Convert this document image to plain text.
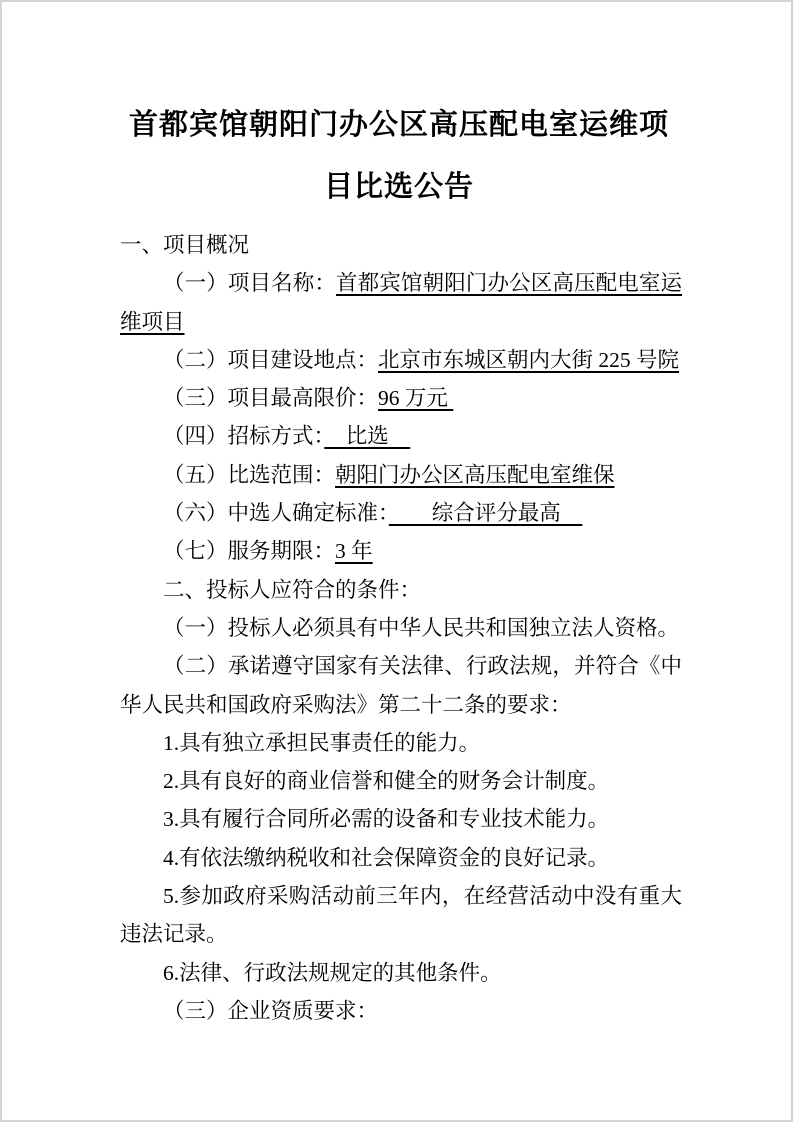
首都宾馆朝阳门办公区高压配电室运维项
目比选公告

一、项目概况

（一）项目名称：首都宾馆朝阳门办公区高压配电室运维项目

（二）项目建设地点：北京市东城区朝内大街 225 号院

（三）项目最高限价：96 万元

（四）招标方式：　比选　

（五）比选范围：朝阳门办公区高压配电室维保

（六）中选人确定标准：　　综合评分最高　

（七）服务期限：3 年

二、投标人应符合的条件：

（一）投标人必须具有中华人民共和国独立法人资格。

（二）承诺遵守国家有关法律、行政法规，并符合《中华人民共和国政府采购法》第二十二条的要求：

1.具有独立承担民事责任的能力。

2.具有良好的商业信誉和健全的财务会计制度。

3.具有履行合同所必需的设备和专业技术能力。

4.有依法缴纳税收和社会保障资金的良好记录。

5.参加政府采购活动前三年内，在经营活动中没有重大违法记录。

6.法律、行政法规规定的其他条件。

（三）企业资质要求：
